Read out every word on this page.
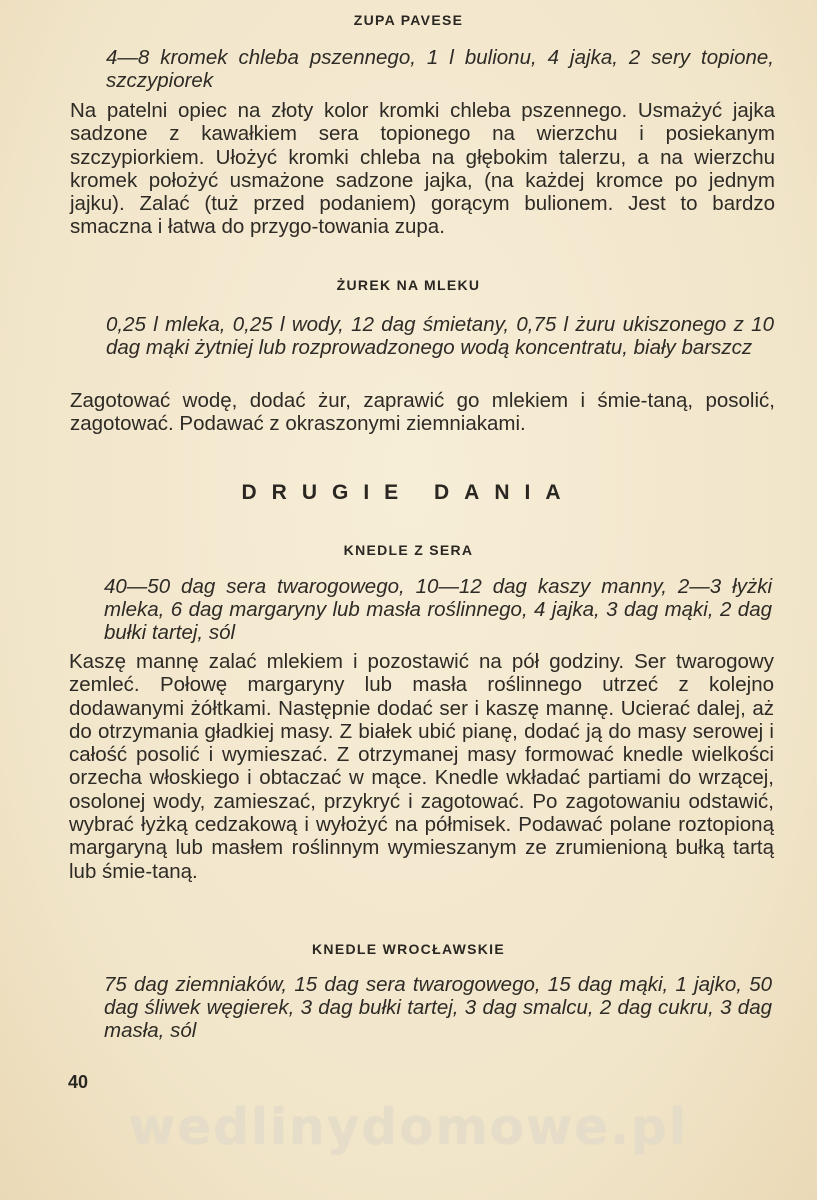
ZUPA PAVESE
4—8 kromek chleba pszennego, 1 l bulionu, 4 jajka, 2 sery topione, szczypiorek
Na patelni opiec na złoty kolor kromki chleba pszennego. Usmażyć jajka sadzone z kawałkiem sera topionego na wierzchu i posiekanym szczypiorkiem. Ułożyć kromki chleba na głębokim talerzu, a na wierzchu kromek położyć usmażone sadzone jajka, (na każdej kromce po jednym jajku). Zalać (tuż przed podaniem) gorącym bulionem. Jest to bardzo smaczna i łatwa do przygo-towania zupa.
ŻUREK NA MLEKU
0,25 l mleka, 0,25 l wody, 12 dag śmietany, 0,75 l żuru ukiszonego z 10 dag mąki żytniej lub rozprowadzonego wodą koncentratu, biały barszcz
Zagotować wodę, dodać żur, zaprawić go mlekiem i śmie-taną, posolić, zagotować. Podawać z okraszonymi ziemniakami.
DRUGIE DANIA
KNEDLE Z SERA
40—50 dag sera twarogowego, 10—12 dag kaszy manny, 2—3 łyżki mleka, 6 dag margaryny lub masła roślinnego, 4 jajka, 3 dag mąki, 2 dag bułki tartej, sól
Kaszę mannę zalać mlekiem i pozostawić na pół godziny. Ser twarogowy zemleć. Połowę margaryny lub masła roślinnego utrzeć z kolejno dodawanymi żółtkami. Następnie dodać ser i kaszę mannę. Ucierać dalej, aż do otrzymania gładkiej masy. Z białek ubić pianę, dodać ją do masy serowej i całość posolić i wymieszać. Z otrzymanej masy formować knedle wielkości orzecha włoskiego i obtaczać w mące. Knedle wkładać partiami do wrzącej, osolonej wody, zamieszać, przykryć i zagotować. Po zagotowaniu odstawić, wybrać łyżką cedzakową i wyłożyć na półmisek. Podawać polane roztopioną margaryną lub masłem roślinnym wymieszanym ze zrumienioną bułką tartą lub śmie-taną.
KNEDLE WROCŁAWSKIE
75 dag ziemniaków, 15 dag sera twarogowego, 15 dag mąki, 1 jajko, 50 dag śliwek węgierek, 3 dag bułki tartej, 3 dag smalcu, 2 dag cukru, 3 dag masła, sól
40
wedlinydomowe.pl
